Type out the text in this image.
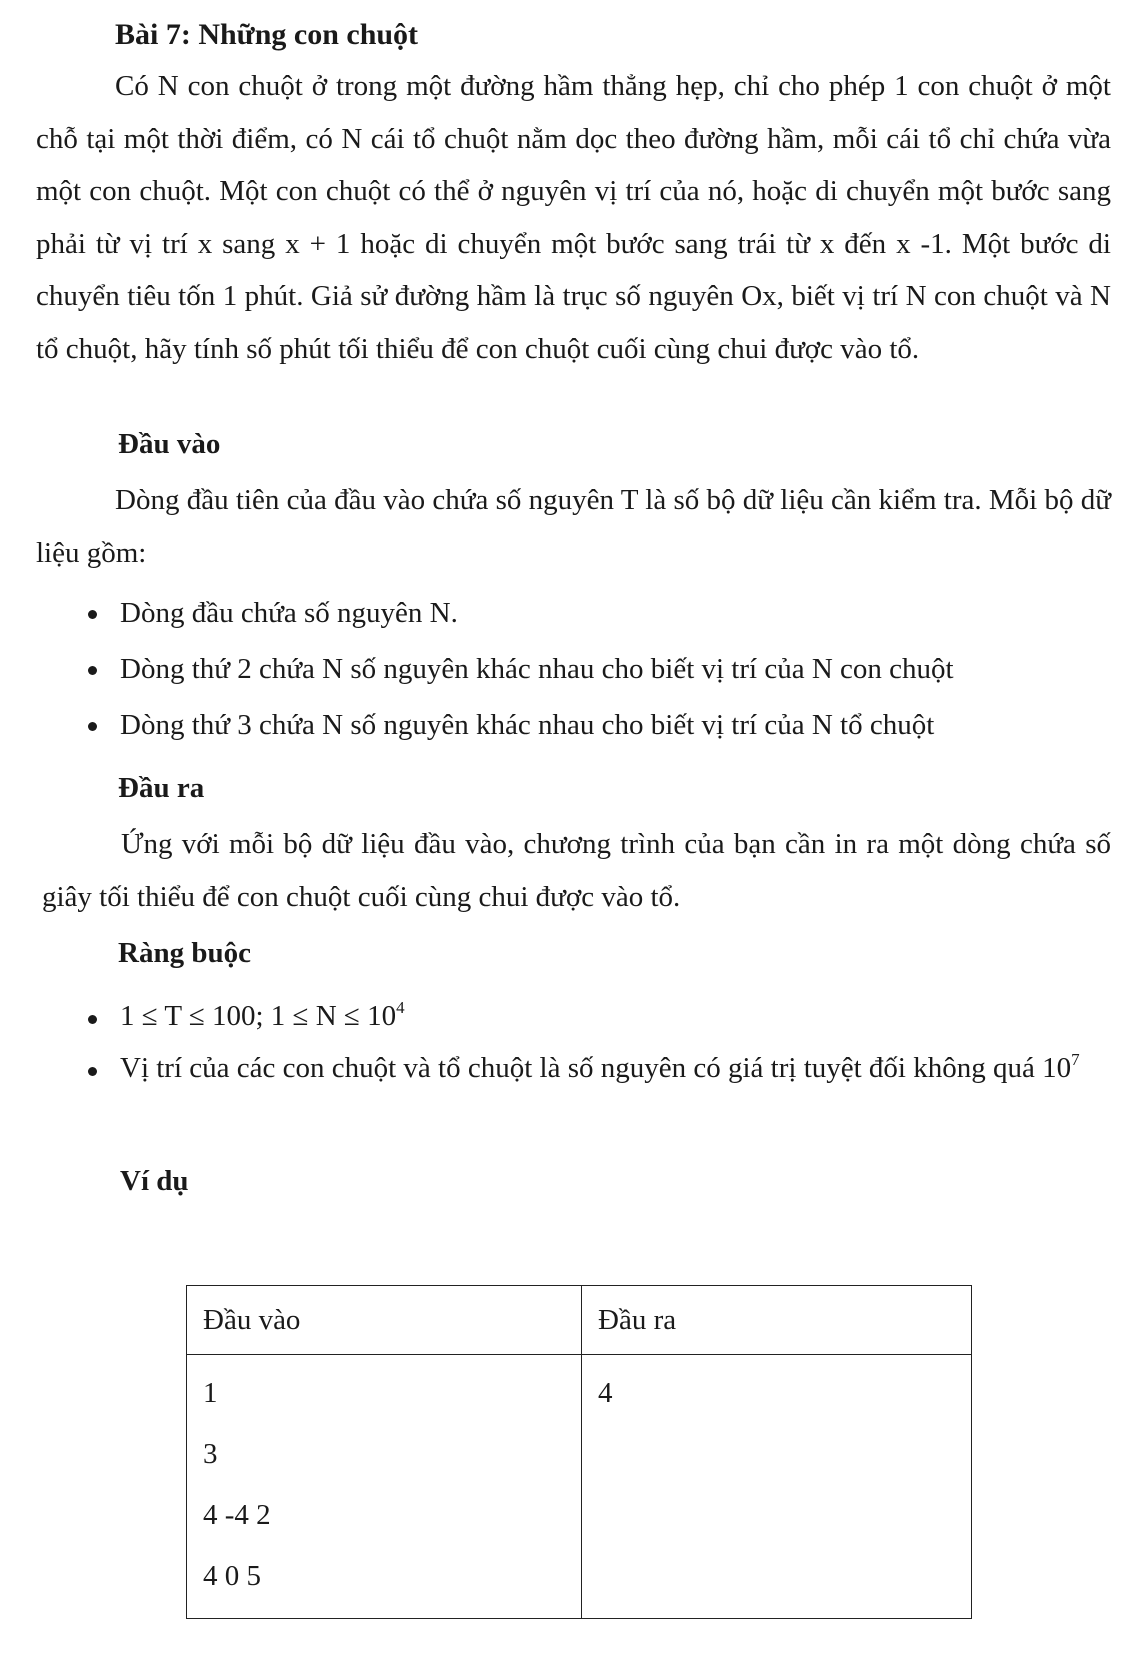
Bài 7: Những con chuột

Có N con chuột ở trong một đường hầm thẳng hẹp, chỉ cho phép 1 con chuột ở một chỗ tại một thời điểm, có N cái tổ chuột nằm dọc theo đường hầm, mỗi cái tổ chỉ chứa vừa một con chuột. Một con chuột có thể ở nguyên vị trí của nó, hoặc di chuyển một bước sang phải từ vị trí x sang x + 1 hoặc di chuyển một bước sang trái từ x đến x -1. Một bước di chuyển tiêu tốn 1 phút. Giả sử đường hầm là trục số nguyên Ox, biết vị trí N con chuột và N tổ chuột, hãy tính số phút tối thiểu để con chuột cuối cùng chui được vào tổ.

Đầu vào

Dòng đầu tiên của đầu vào chứa số nguyên T là số bộ dữ liệu cần kiểm tra. Mỗi bộ dữ liệu gồm:

Dòng đầu chứa số nguyên N.
Dòng thứ 2 chứa N số nguyên khác nhau cho biết vị trí của N con chuột
Dòng thứ 3 chứa N số nguyên khác nhau cho biết vị trí của N tổ chuột
Đầu ra

Ứng với mỗi bộ dữ liệu đầu vào, chương trình của bạn cần in ra một dòng chứa số giây tối thiểu để con chuột cuối cùng chui được vào tổ.

Ràng buộc
1 ≤ T ≤ 100; $1 \le N \le 10^4$
Vị trí của các con chuột và tổ chuột là số nguyên có giá trị tuyệt đối không quá $10^7$
Ví dụ
Đầu vào	Đầu ra

1
3
4 -4 2
4 0 5	4
